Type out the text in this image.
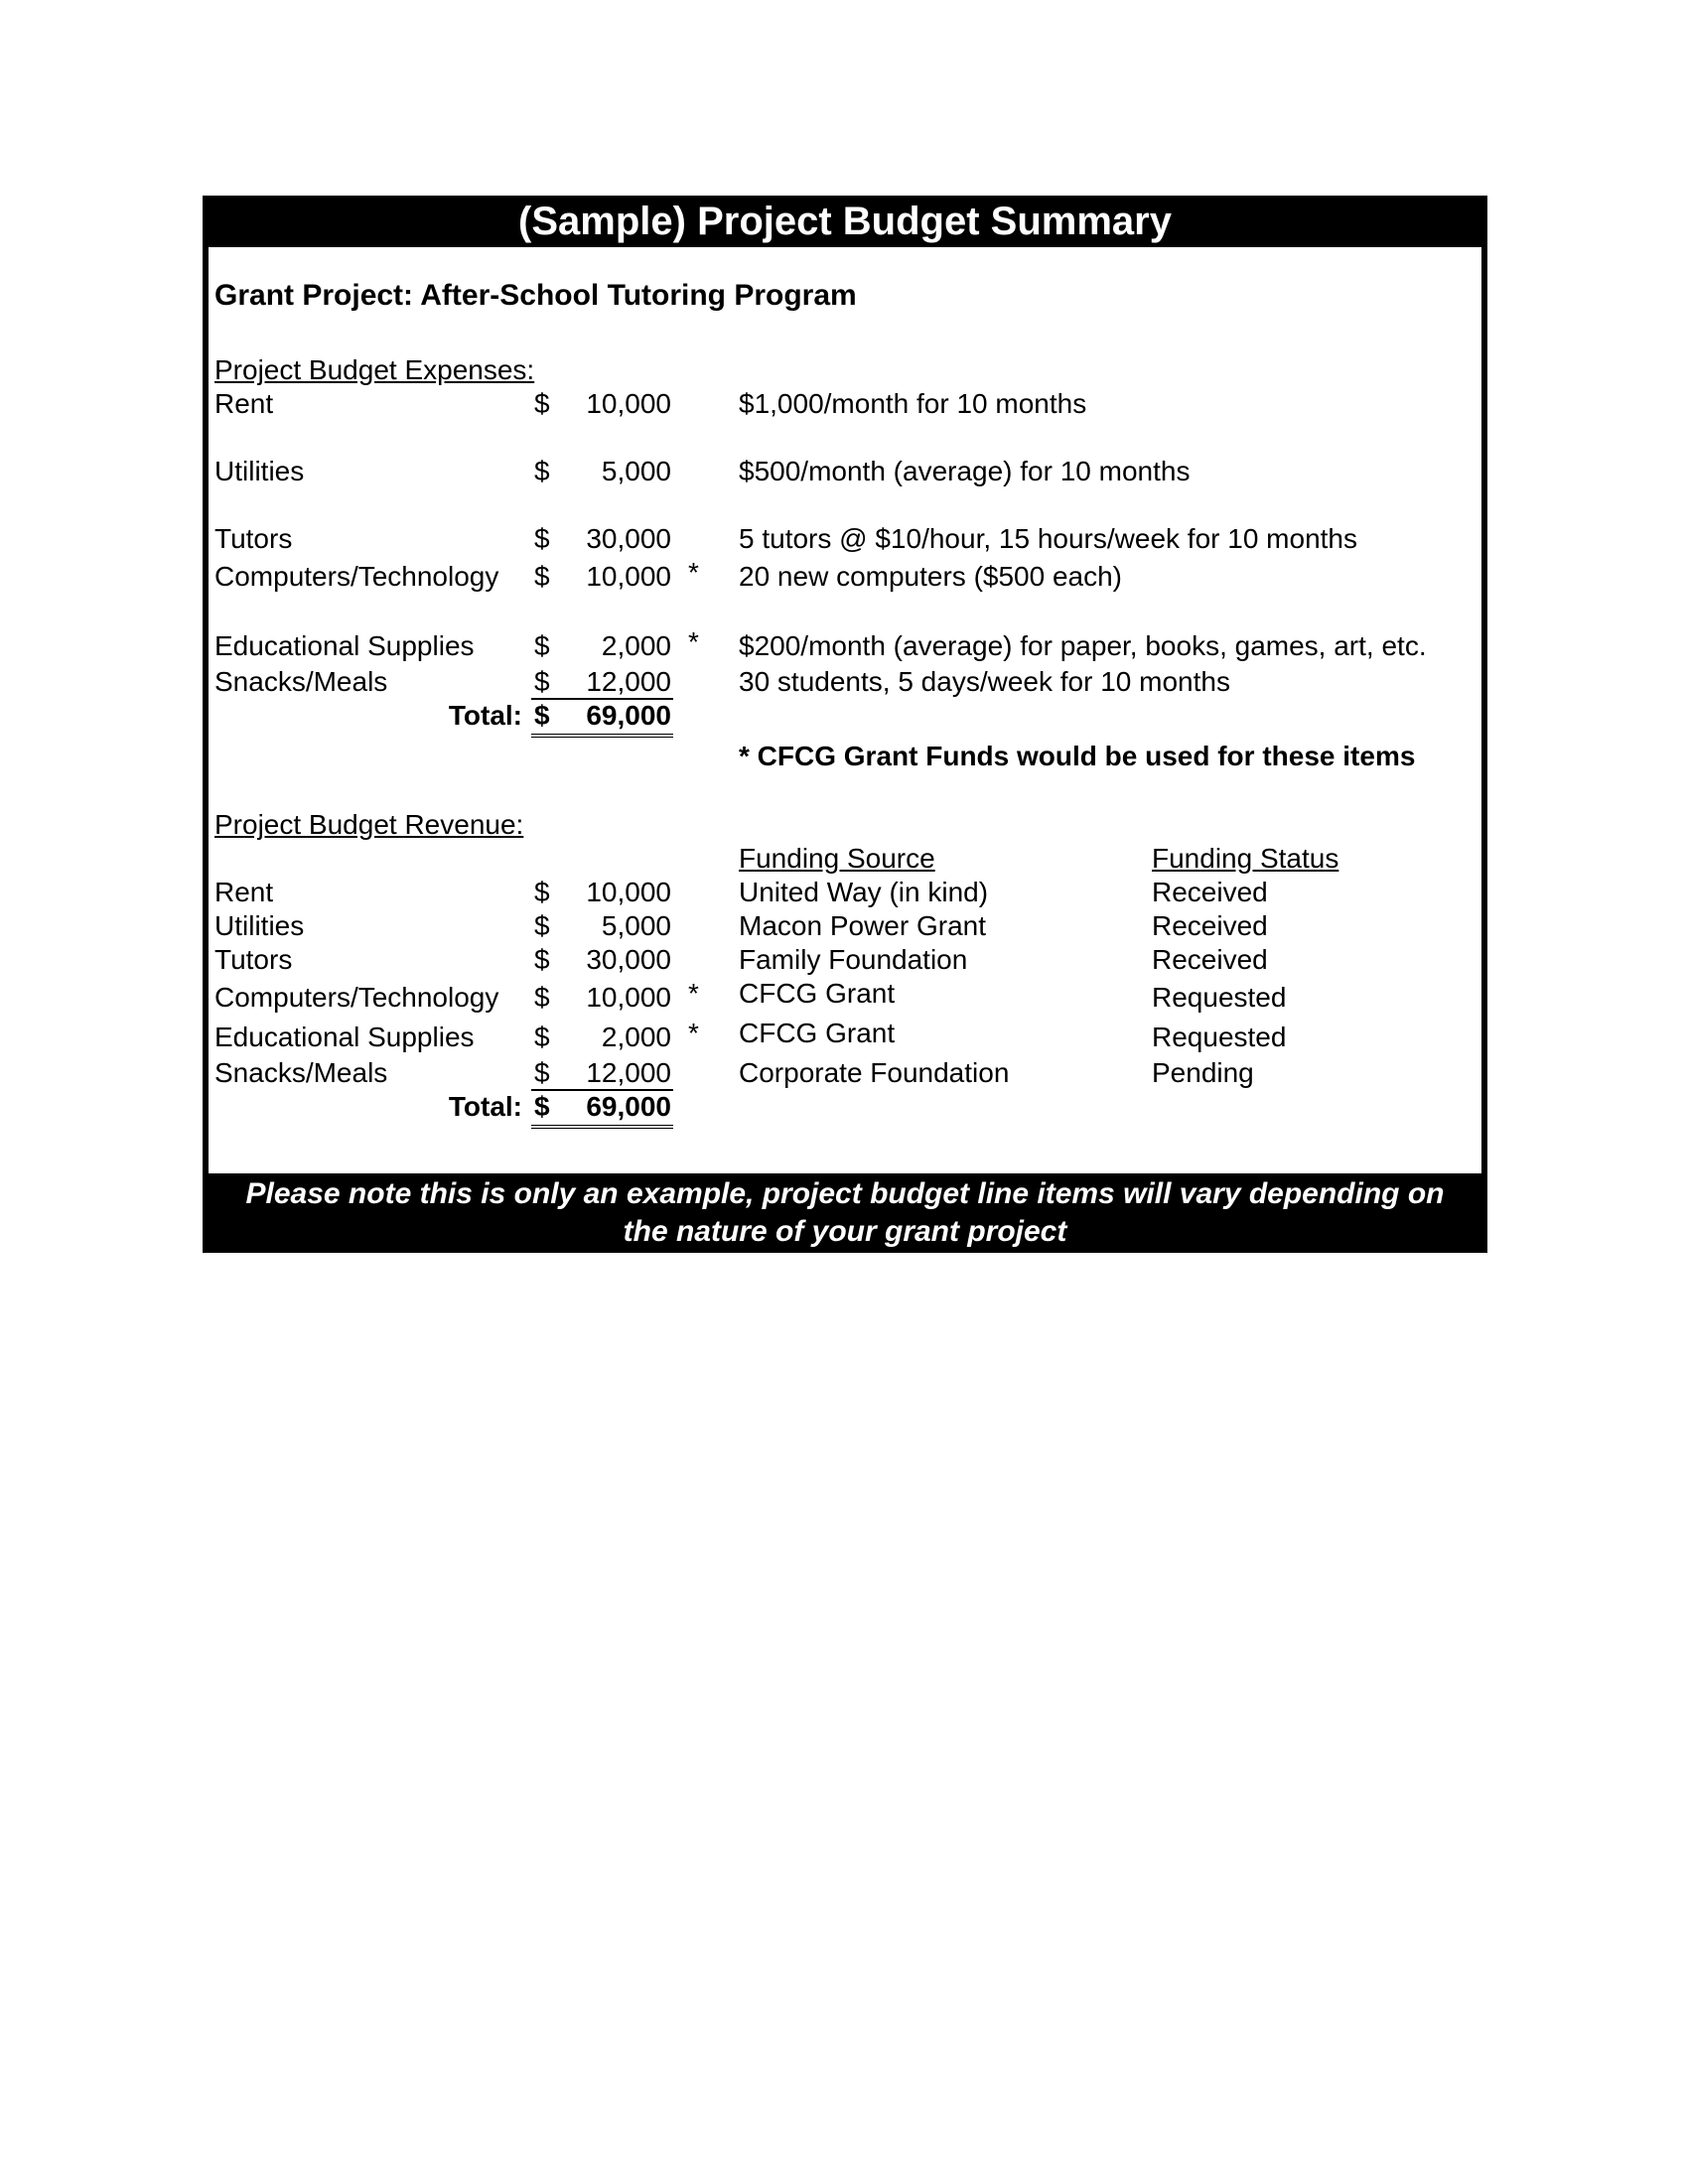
(Sample) Project Budget Summary
Grant Project: After-School Tutoring Program
Project Budget Expenses:
Rent	$	10,000 $1,000/month for 10 months
Utilities	$	5,000 $500/month (average) for 10 months
Tutors	$	30,000 5 tutors @ $10/hour, 15 hours/week for 10 months
Computers/Technology $	10,000 * 20 new computers ($500 each)
Educational Supplies $	2,000 * $200/month (average) for paper, books, games, art, etc.
Snacks/Meals	$	12,000 30 students, 5 days/week for 10 months
Total: $	69,000
* CFCG Grant Funds would be used for these items
Project Budget Revenue:
Funding Source	Funding Status
Rent	$	10,000 United Way (in kind)	Received
Utilities	$	5,000 Macon Power Grant	Received
Tutors	$	30,000 Family Foundation	Received
Computers/Technology $	10,000 * CFCG Grant	Requested
Educational Supplies $	2,000 * CFCG Grant	Requested
Snacks/Meals	$	12,000 Corporate Foundation	Pending
Total: $	69,000
Please note this is only an example, project budget line items will vary depending on
the nature of your grant project
